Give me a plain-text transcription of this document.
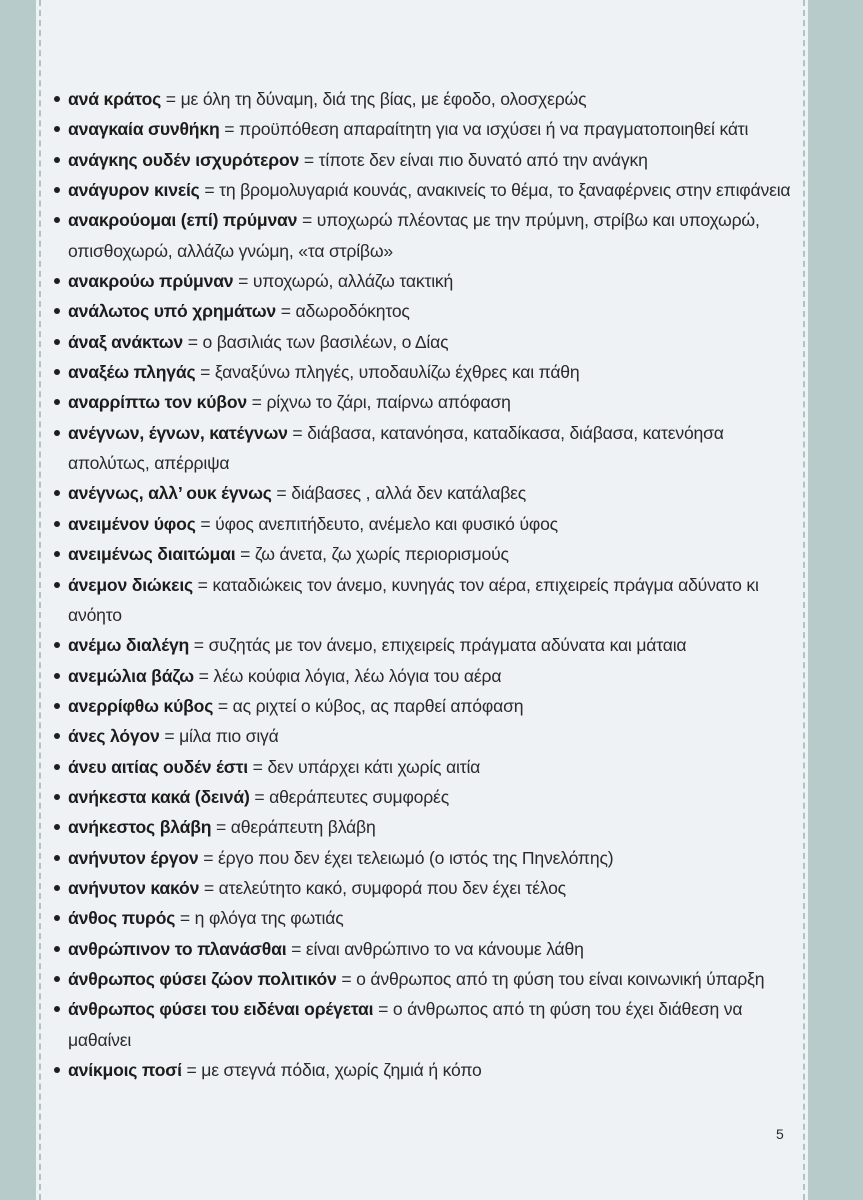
ανά κράτος = με όλη τη δύναμη, διά της βίας, με έφοδο, ολοσχερώς
αναγκαία συνθήκη = προϋπόθεση απαραίτητη για να ισχύσει ή να πραγματοποιηθεί κάτι
ανάγκης ουδέν ισχυρότερον = τίποτε δεν είναι πιο δυνατό από την ανάγκη
ανάγυρον κινείς = τη βρομολυγαριά κουνάς, ανακινείς το θέμα, το ξαναφέρνεις στην επιφάνεια
ανακρούομαι (επί) πρύμναν = υποχωρώ πλέοντας με την πρύμνη, στρίβω και υποχωρώ, οπισθοχωρώ, αλλάζω γνώμη, «τα στρίβω»
ανακρούω πρύμναν = υποχωρώ, αλλάζω τακτική
ανάλωτος υπό χρημάτων = αδωροδόκητος
άναξ ανάκτων = ο βασιλιάς των βασιλέων, ο Δίας
αναξέω πληγάς = ξαναξύνω πληγές, υποδαυλίζω έχθρες και πάθη
αναρρίπτω τον κύβον = ρίχνω το ζάρι, παίρνω απόφαση
ανέγνων, έγνων, κατέγνων = διάβασα, κατανόησα, καταδίκασα, διάβασα, κατενόησα απολύτως, απέρριψα
ανέγνως, αλλ’ ουκ έγνως = διάβασες , αλλά δεν κατάλαβες
ανειμένον ύφος = ύφος ανεπιτήδευτο, ανέμελο και φυσικό ύφος
ανειμένως διαιτώμαι = ζω άνετα, ζω χωρίς περιορισμούς
άνεμον διώκεις = καταδιώκεις τον άνεμο, κυνηγάς τον αέρα, επιχειρείς πράγμα αδύνατο κι ανόητο
ανέμω διαλέγη = συζητάς με τον άνεμο, επιχειρείς πράγματα αδύνατα και μάταια
ανεμώλια βάζω = λέω κούφια λόγια, λέω λόγια του αέρα
ανερρίφθω κύβος = ας ριχτεί ο κύβος, ας παρθεί απόφαση
άνες λόγον = μίλα πιο σιγά
άνευ αιτίας ουδέν έστι = δεν υπάρχει κάτι χωρίς αιτία
ανήκεστα κακά (δεινά) = αθεράπευτες συμφορές
ανήκεστος βλάβη = αθεράπευτη βλάβη
ανήνυτον έργον = έργο που δεν έχει τελειωμό (ο ιστός της Πηνελόπης)
ανήνυτον κακόν = ατελεύτητο κακό, συμφορά που δεν έχει τέλος
άνθος πυρός = η φλόγα της φωτιάς
ανθρώπινον το πλανάσθαι = είναι ανθρώπινο το να κάνουμε λάθη
άνθρωπος φύσει ζώον πολιτικόν = ο άνθρωπος από τη φύση του είναι κοινωνική ύπαρξη
άνθρωπος φύσει του ειδέναι ορέγεται = ο άνθρωπος από τη φύση του έχει διάθεση να μαθαίνει
ανίκμοις ποσί = με στεγνά πόδια, χωρίς ζημιά ή κόπο
5
